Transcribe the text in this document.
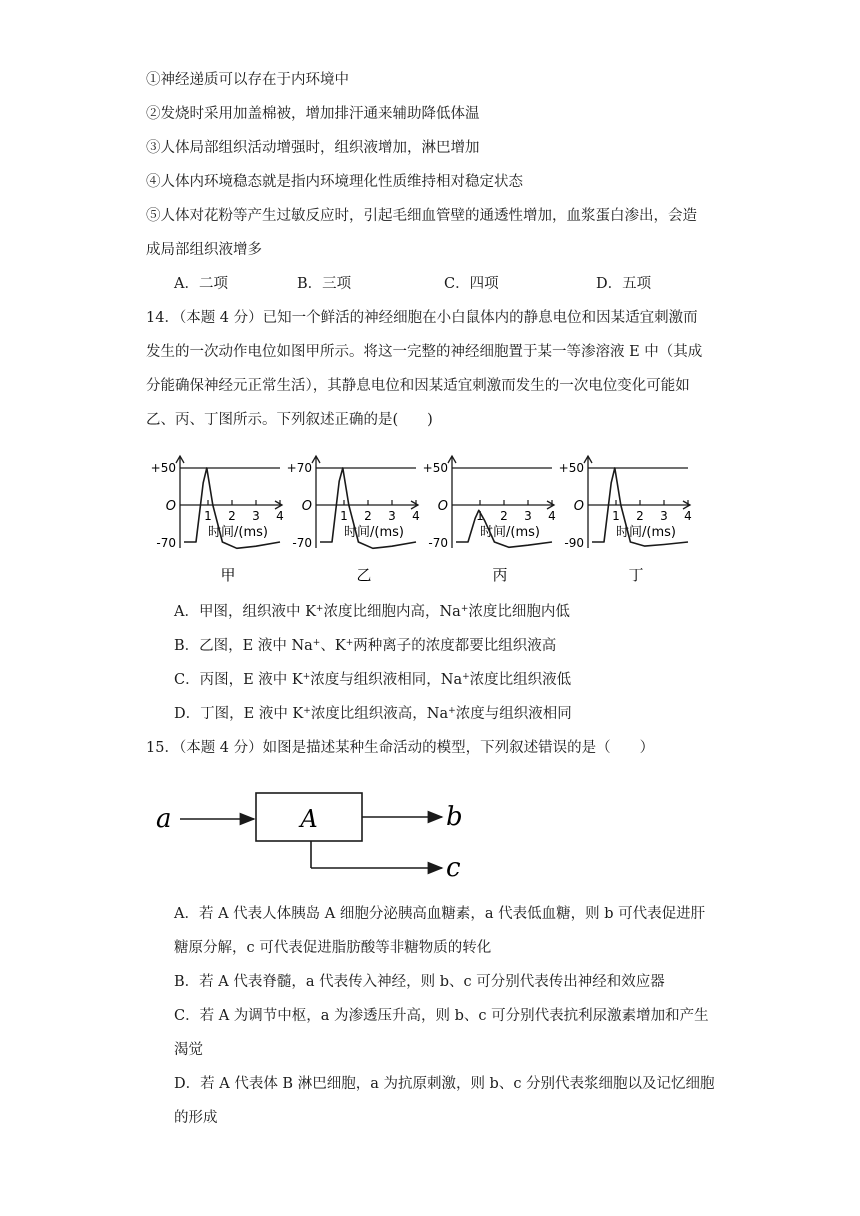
①神经递质可以存在于内环境中
②发烧时采用加盖棉被，增加排汗通来辅助降低体温
③人体局部组织活动增强时，组织液增加，淋巴增加
④人体内环境稳态就是指内环境理化性质维持相对稳定状态
⑤人体对花粉等产生过敏反应时，引起毛细血管壁的通透性增加，血浆蛋白渗出，会造
成局部组织液增多
A．二项	B．三项	C．四项	D．五项
14．（本题 4 分）已知一个鲜活的神经细胞在小白鼠体内的静息电位和因某适宜刺激而
发生的一次动作电位如图甲所示。将这一完整的神经细胞置于某一等渗溶液 E 中（其成
分能确保神经元正常生活），其静息电位和因某适宜刺激而发生的一次电位变化可能如
乙、丙、丁图所示。下列叙述正确的是(　　)
+50
O
-70
1 2 3 4
时间/(ms)
甲
+70
O
-70
1 2 3 4
时间/(ms)
乙
+50
O
-70
1 2 3 4
时间/(ms)
丙
+50
O
-90
1 2 3 4
时间/(ms)
丁
A．甲图，组织液中 K+浓度比细胞内高，Na+浓度比细胞内低
B．乙图，E 液中 Na+、K+两种离子的浓度都要比组织液高
C．丙图，E 液中 K+浓度与组织液相同，Na+浓度比组织液低
D．丁图，E 液中 K+浓度比组织液高，Na+浓度与组织液相同
15．（本题 4 分）如图是描述某种生命活动的模型，下列叙述错误的是（　　）
a	A	b
c
A．若 A 代表人体胰岛 A 细胞分泌胰高血糖素，a 代表低血糖，则 b 可代表促进肝
糖原分解，c 可代表促进脂肪酸等非糖物质的转化
B．若 A 代表脊髓，a 代表传入神经，则 b、c 可分别代表传出神经和效应器
C．若 A 为调节中枢，a 为渗透压升高，则 b、c 可分别代表抗利尿激素增加和产生
渴觉
D．若 A 代表体 B 淋巴细胞，a 为抗原刺激，则 b、c 分别代表浆细胞以及记忆细胞
的形成
